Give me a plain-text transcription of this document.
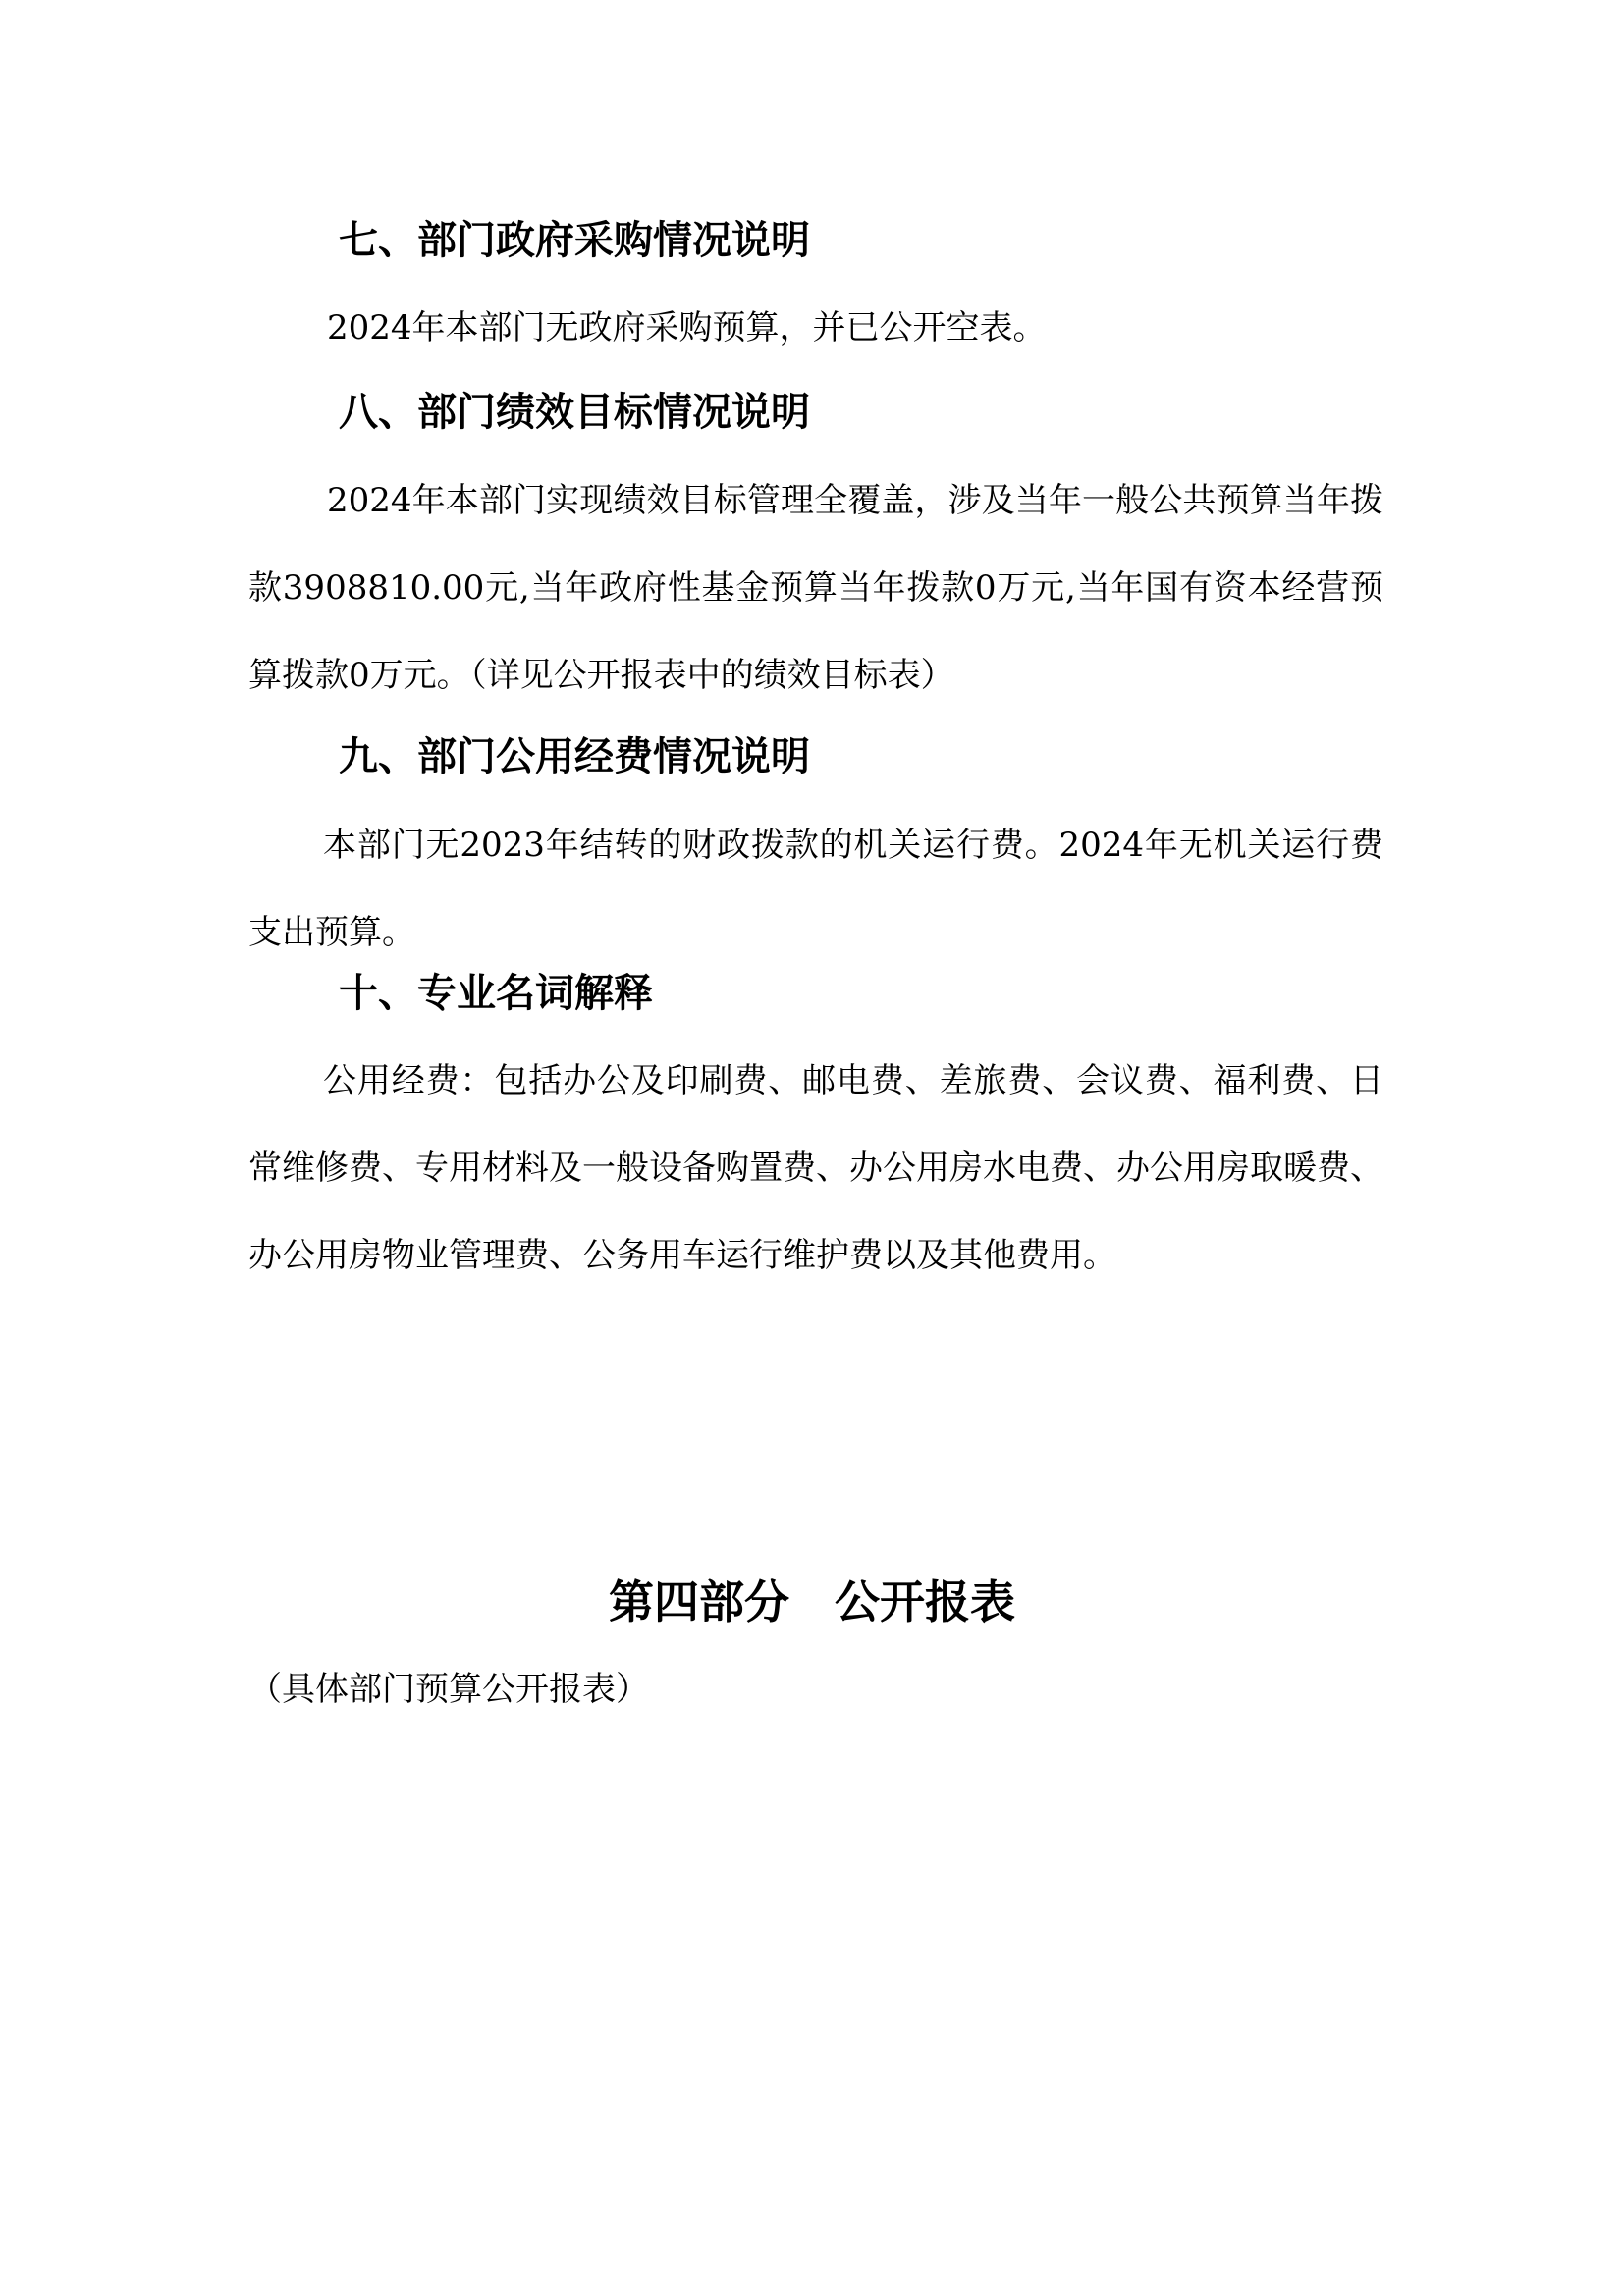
七、部门政府采购情况说明

2024年本部门无政府采购预算，并已公开空表。

八、部门绩效目标情况说明

2024年本部门实现绩效目标管理全覆盖，涉及当年一般公共预算当年拨款3908810.00元,当年政府性基金预算当年拨款0万元,当年国有资本经营预算拨款0万元。（详见公开报表中的绩效目标表）

九、部门公用经费情况说明

本部门无2023年结转的财政拨款的机关运行费。2024年无机关运行费支出预算。

十、专业名词解释

公用经费：包括办公及印刷费、邮电费、差旅费、会议费、福利费、日常维修费、专用材料及一般设备购置费、办公用房水电费、办公用房取暖费、办公用房物业管理费、公务用车运行维护费以及其他费用。

第四部分　公开报表

（具体部门预算公开报表）
